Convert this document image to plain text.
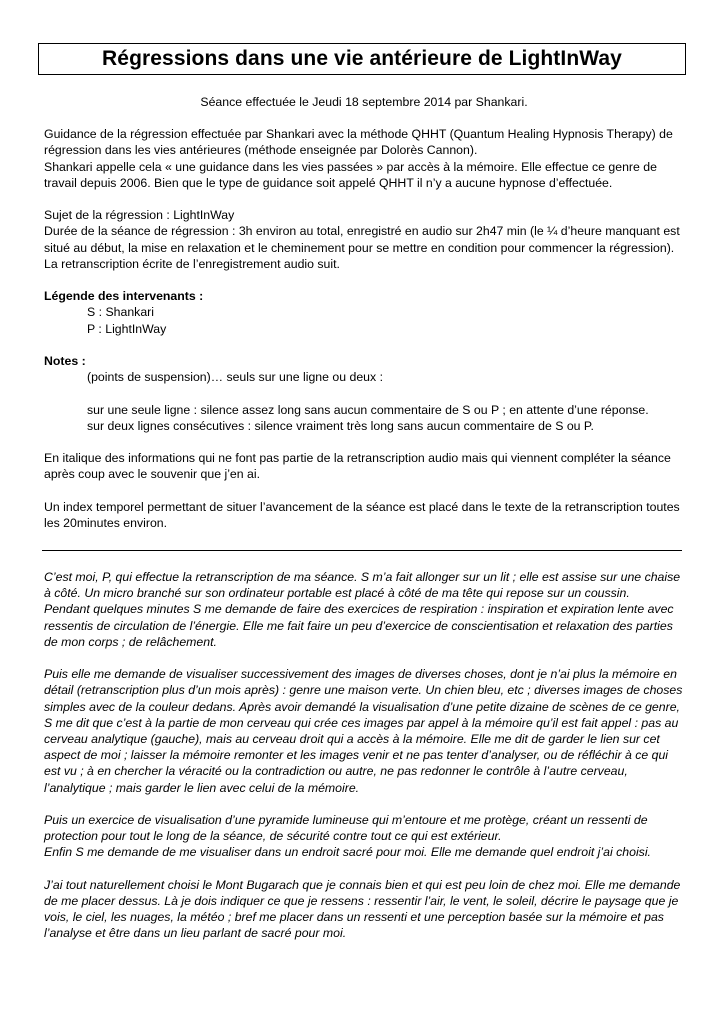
Régressions dans une vie antérieure de LightInWay

Séance effectuée le Jeudi 18 septembre 2014 par Shankari.

Guidance de la régression effectuée par Shankari avec la méthode QHHT (Quantum Healing Hypnosis Therapy) de régression dans les vies antérieures (méthode enseignée par Dolorès Cannon).

Shankari appelle cela « une guidance dans les vies passées » par accès à la mémoire. Elle effectue ce genre de travail depuis 2006. Bien que le type de guidance soit appelé QHHT il n’y a aucune hypnose d’effectuée.

Sujet de la régression : LightInWay

Durée de la séance de régression : 3h environ au total, enregistré en audio sur 2h47 min (le ¼ d’heure manquant est situé au début, la mise en relaxation et le cheminement pour se mettre en condition pour commencer la régression).

La retranscription écrite de l’enregistrement audio suit.

Légende des intervenants :

S : Shankari

P : LightInWay

Notes :

(points de suspension)… seuls sur une ligne ou deux :

sur une seule ligne : silence assez long sans aucun commentaire de S ou P ; en attente d’une réponse.

sur deux lignes consécutives : silence vraiment très long sans aucun commentaire de S ou P.

En italique des informations qui ne font pas partie de la retranscription audio mais qui viennent compléter la séance après coup avec le souvenir que j’en ai.

Un index temporel permettant de situer l’avancement de la séance est placé dans le texte de la retranscription toutes les 20minutes environ.

C’est moi, P, qui effectue la retranscription de ma séance. S m’a fait allonger sur un lit ; elle est assise sur une chaise à côté. Un micro branché sur son ordinateur portable est placé à côté de ma tête qui repose sur un coussin.

Pendant quelques minutes S me demande de faire des exercices de respiration : inspiration et expiration lente avec ressentis de circulation de l’énergie. Elle me fait faire un peu d’exercice de conscientisation et relaxation des parties de mon corps ; de relâchement.

Puis elle me demande de visualiser successivement des images de diverses choses, dont je n’ai plus la mémoire en détail (retranscription plus d’un mois après) : genre une maison verte. Un chien bleu, etc ; diverses images de choses simples avec de la couleur dedans. Après avoir demandé la visualisation d’une petite dizaine de scènes de ce genre, S me dit que c’est à la partie de mon cerveau qui crée ces images par appel à la mémoire qu’il est fait appel : pas au cerveau analytique (gauche), mais au cerveau droit qui a accès à la mémoire. Elle me dit de garder le lien sur cet aspect de moi ; laisser la mémoire remonter et les images venir et ne pas tenter d’analyser, ou de réfléchir à ce qui est vu ; à en chercher la véracité ou la contradiction ou autre, ne pas redonner le contrôle à l’autre cerveau, l’analytique ; mais garder le lien avec celui de la mémoire.

Puis un exercice de visualisation d’une pyramide lumineuse qui m’entoure et me protège, créant un ressenti de protection pour tout le long de la séance, de sécurité contre tout ce qui est extérieur.

Enfin S me demande de me visualiser dans un endroit sacré pour moi. Elle me demande quel endroit j’ai choisi.

J’ai tout naturellement choisi le Mont Bugarach que je connais bien et qui est peu loin de chez moi. Elle me demande de me placer dessus. Là je dois indiquer ce que je ressens : ressentir l’air, le vent, le soleil, décrire le paysage que je vois, le ciel, les nuages, la météo ; bref me placer dans un ressenti et une perception basée sur la mémoire et pas l’analyse et être dans un lieu parlant de sacré pour moi.
